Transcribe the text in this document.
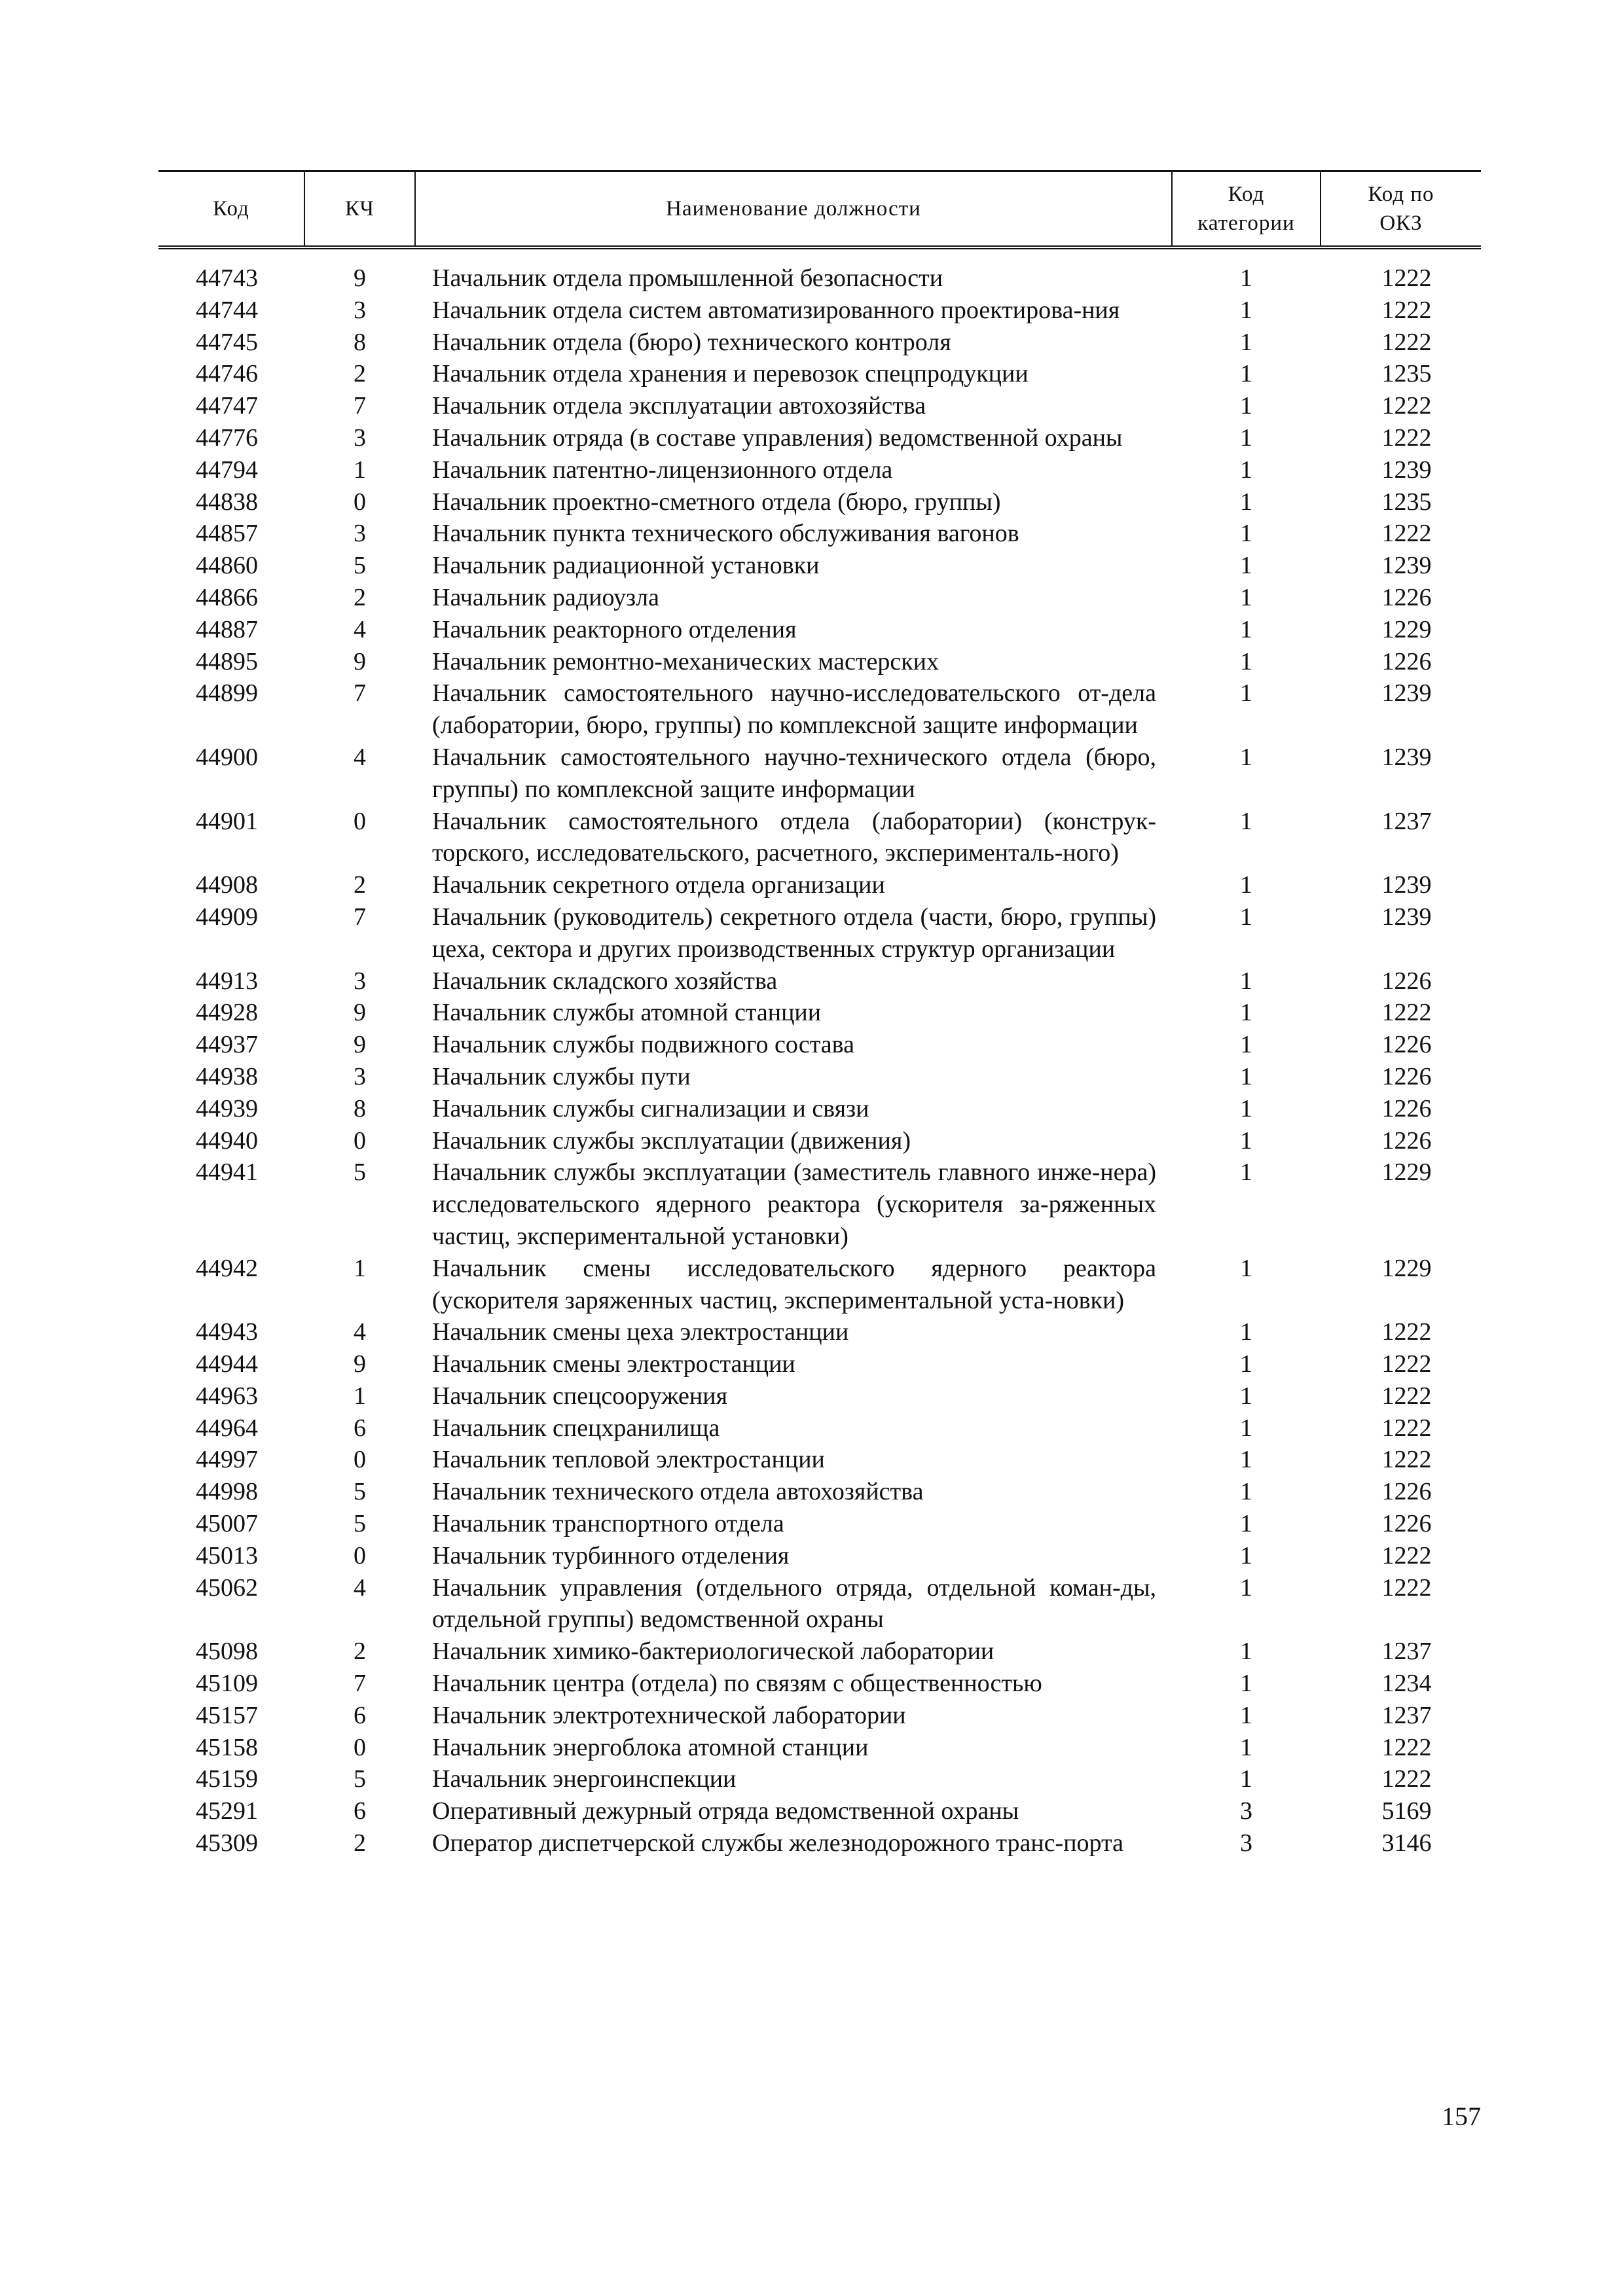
Код	КЧ	Наименование должности	Код категории	Код по ОКЗ

44743	9	Начальник отдела промышленной безопасности	1	1222
44744	3	Начальник отдела систем автоматизированного проектирова-ния	1	1222
44745	8	Начальник отдела (бюро) технического контроля	1	1222
44746	2	Начальник отдела хранения и перевозок спецпродукции	1	1235
44747	7	Начальник отдела эксплуатации автохозяйства	1	1222
44776	3	Начальник отряда (в составе управления) ведомственной охраны	1	1222
44794	1	Начальник патентно-лицензионного отдела	1	1239
44838	0	Начальник проектно-сметного отдела (бюро, группы)	1	1235
44857	3	Начальник пункта технического обслуживания вагонов	1	1222
44860	5	Начальник радиационной установки	1	1239
44866	2	Начальник радиоузла	1	1226
44887	4	Начальник реакторного отделения	1	1229
44895	9	Начальник ремонтно-механических мастерских	1	1226
44899	7	Начальник самостоятельного научно-исследовательского от-дела (лаборатории, бюро, группы) по комплексной защите информации	1	1239
44900	4	Начальник самостоятельного научно-технического отдела (бюро, группы) по комплексной защите информации	1	1239
44901	0	Начальник самостоятельного отдела (лаборатории) (конструк-торского, исследовательского, расчетного, эксперименталь-ного)	1	1237
44908	2	Начальник секретного отдела организации	1	1239
44909	7	Начальник (руководитель) секретного отдела (части, бюро, группы) цеха, сектора и других производственных структур организации	1	1239
44913	3	Начальник складского хозяйства	1	1226
44928	9	Начальник службы атомной станции	1	1222
44937	9	Начальник службы подвижного состава	1	1226
44938	3	Начальник службы пути	1	1226
44939	8	Начальник службы сигнализации и связи	1	1226
44940	0	Начальник службы эксплуатации (движения)	1	1226
44941	5	Начальник службы эксплуатации (заместитель главного инже-нера) исследовательского ядерного реактора (ускорителя за-ряженных частиц, экспериментальной установки)	1	1229
44942	1	Начальник смены исследовательского ядерного реактора (ускорителя заряженных частиц, экспериментальной уста-новки)	1	1229
44943	4	Начальник смены цеха электростанции	1	1222
44944	9	Начальник смены электростанции	1	1222
44963	1	Начальник спецсооружения	1	1222
44964	6	Начальник спецхранилища	1	1222
44997	0	Начальник тепловой электростанции	1	1222
44998	5	Начальник технического отдела автохозяйства	1	1226
45007	5	Начальник транспортного отдела	1	1226
45013	0	Начальник турбинного отделения	1	1222
45062	4	Начальник управления (отдельного отряда, отдельной коман-ды, отдельной группы) ведомственной охраны	1	1222
45098	2	Начальник химико-бактериологической лаборатории	1	1237
45109	7	Начальник центра (отдела) по связям с общественностью	1	1234
45157	6	Начальник электротехнической лаборатории	1	1237
45158	0	Начальник энергоблока атомной станции	1	1222
45159	5	Начальник энергоинспекции	1	1222
45291	6	Оперативный дежурный отряда ведомственной охраны	3	5169
45309	2	Оператор диспетчерской службы железнодорожного транс-порта	3	3146
157
